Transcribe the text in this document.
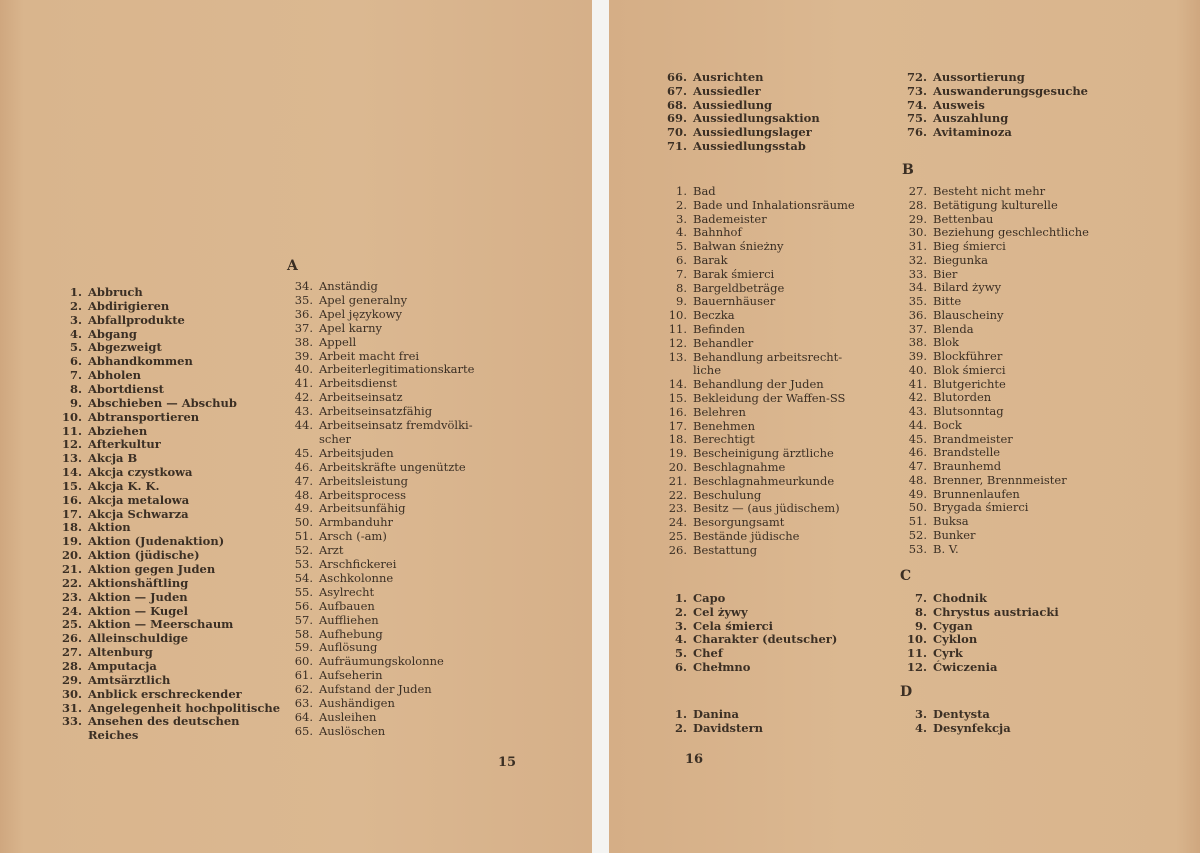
A
1. Abbruch
2. Abdirigieren
3. Abfallprodukte
4. Abgang
5. Abgezweigt
6. Abhandkommen
7. Abholen
8. Abortdienst
9. Abschieben — Abschub
10. Abtransportieren
11. Abziehen
12. Afterkultur
13. Akcja B
14. Akcja czystkowa
15. Akcja K. K.
16. Akcja metalowa
17. Akcja Schwarza
18. Aktion
19. Aktion (Judenaktion)
20. Aktion (jüdische)
21. Aktion gegen Juden
22. Aktionshäftling
23. Aktion — Juden
24. Aktion — Kugel
25. Aktion — Meerschaum
26. Alleinschuldige
27. Altenburg
28. Amputacja
29. Amtsärztlich
30. Anblick erschreckender
31. Angelegenheit hochpolitische
33. Ansehen des deutschen
Reiches
34. Anständig
35. Apel generalny
36. Apel językowy
37. Apel karny
38. Appell
39. Arbeit macht frei
40. Arbeiterlegitimationskarte
41. Arbeitsdienst
42. Arbeitseinsatz
43. Arbeitseinsatzfähig
44. Arbeitseinsatz fremdvölki-
scher
45. Arbeitsjuden
46. Arbeitskräfte ungenützte
47. Arbeitsleistung
48. Arbeitsprocess
49. Arbeitsunfähig
50. Armbanduhr
51. Arsch (-am)
52. Arzt
53. Arschfickerei
54. Aschkolonne
55. Asylrecht
56. Aufbauen
57. Auffliehen
58. Aufhebung
59. Auflösung
60. Aufräumungskolonne
61. Aufseherin
62. Aufstand der Juden
63. Aushändigen
64. Ausleihen
65. Auslöschen
15
66. Ausrichten
67. Aussiedler
68. Aussiedlung
69. Aussiedlungsaktion
70. Aussiedlungslager
71. Aussiedlungsstab
72. Aussortierung
73. Auswanderungsgesuche
74. Ausweis
75. Auszahlung
76. Avitaminoza
B
1. Bad
2. Bade und Inhalationsräume
3. Bademeister
4. Bahnhof
5. Bałwan śnieżny
6. Barak
7. Barak śmierci
8. Bargeldbeträge
9. Bauernhäuser
10. Beczka
11. Befinden
12. Behandler
13. Behandlung arbeitsrecht-
liche
14. Behandlung der Juden
15. Bekleidung der Waffen-SS
16. Belehren
17. Benehmen
18. Berechtigt
19. Bescheinigung ärztliche
20. Beschlagnahme
21. Beschlagnahmeurkunde
22. Beschulung
23. Besitz — (aus jüdischem)
24. Besorgungsamt
25. Bestände jüdische
26. Bestattung
27. Besteht nicht mehr
28. Betätigung kulturelle
29. Bettenbau
30. Beziehung geschlechtliche
31. Bieg śmierci
32. Biegunka
33. Bier
34. Bilard żywy
35. Bitte
36. Blauscheiny
37. Blenda
38. Blok
39. Blockführer
40. Blok śmierci
41. Blutgerichte
42. Blutorden
43. Blutsonntag
44. Bock
45. Brandmeister
46. Brandstelle
47. Braunhemd
48. Brenner, Brennmeister
49. Brunnenlaufen
50. Brygada śmierci
51. Buksa
52. Bunker
53. B. V.
C
1. Capo
2. Cel żywy
3. Cela śmierci
4. Charakter (deutscher)
5. Chef
6. Chełmno
7. Chodnik
8. Chrystus austriacki
9. Cygan
10. Cyklon
11. Cyrk
12. Ćwiczenia
D
1. Danina
2. Davidstern
3. Dentysta
4. Desynfekcja
16
